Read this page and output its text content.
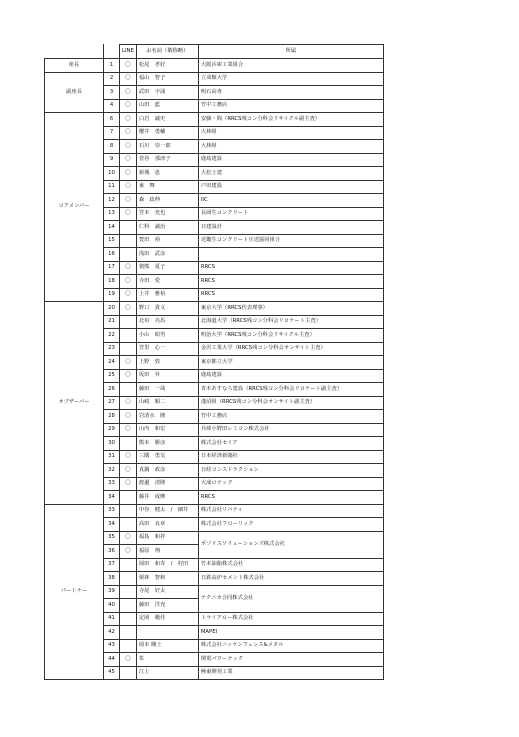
		LINE	お名前（敬称略）	所属
座長	1	〇	松尾　孝好	大阪兵庫工業組合
副座長	2	〇	福山　智子	立命館大学
	3	〇	武田　宇浦	明石高専
	4	〇	山田　藍	竹中工務店
コアメンバー	6	〇	白岩　誠史	安藤・間（RRCS残コン分科会リサイクル副主査）
	7	〇	櫻井　勇輔	大林組
	8	〇	石川　崇一郎	大林組
	9	〇	菅谷　那津子	鹿島建設
	10	〇	新城　恵	大松土建
	11	〇	東　舞	戸田建設
	12	〇	森　政伸	IIC
	13	〇	宮本　充也	長岡生コンクリート
	14		仁科　誠治	日建設計
	15		豊田　裕	近畿生コンクリート圧送協同組合
	16		浅田　武彦	
	17	〇	猪熊　夏子	RRCS
	18	〇	寺田　愛	RRCS
	19	〇	土井　雅裕	RRCS
オブザーバー	20	〇	野口　貴文	東京大学（RRCS代表理事）
	21		北垣　亮馬	北海道大学（RRCS残コン分科会リロケート主査）
	22		小山　昭男	明治大学（RRCS残コン分科会リサイクル主査）
	23		宮里　心一	金沢工業大学（RRCS残コン分科会オンサイト主査）
	24	〇	上野　敦	東京都立大学
	25	〇	坂田　昇	鹿島建設
	26		藤田　一哉	青木あすなろ建設（RRCS残コン分科会リロケート副主査）
	27	〇	山崎　順二	淺沼組（RRCS残コン分科会オンサイト副主査）
	28	〇	岩清水　隆	竹中工務店
	29	〇	山内　和宏	兵庫小野田レミコン株式会社
	30		熊本　勝彦	株式会社セイア
	31	〇	三隅　勇気	日本経済新聞社
	32	〇	真鍋　政彦	日経コンストラクション
	33	〇	渡邊　清隆	大成ロテック
	34		藤井　成摩	RRCS
パートナー	33		中谷　健太　/　細井	株式会社リバティ
	34		高田　良章	株式会社フローリック
	35	〇	福島　和祥	ポゾリスソリューションズ株式会社
	36	〇	福原　翔	
	37		岡田　和寿　/　村田	竹本油脂株式会社
	38		栗林　智和	日鉄高炉セメント株式会社
	39		寺尾　好太	テクニカ合同株式会社
	40		藤田　洋充	
	41		定岡　範佳	トライアロー株式会社
	42			MAPEI
	43		岡本 剛士	株式会社ニッケンフェンス&メタル
	44	〇	峯	関電パワーテック
	45		江上	極東開発工業
